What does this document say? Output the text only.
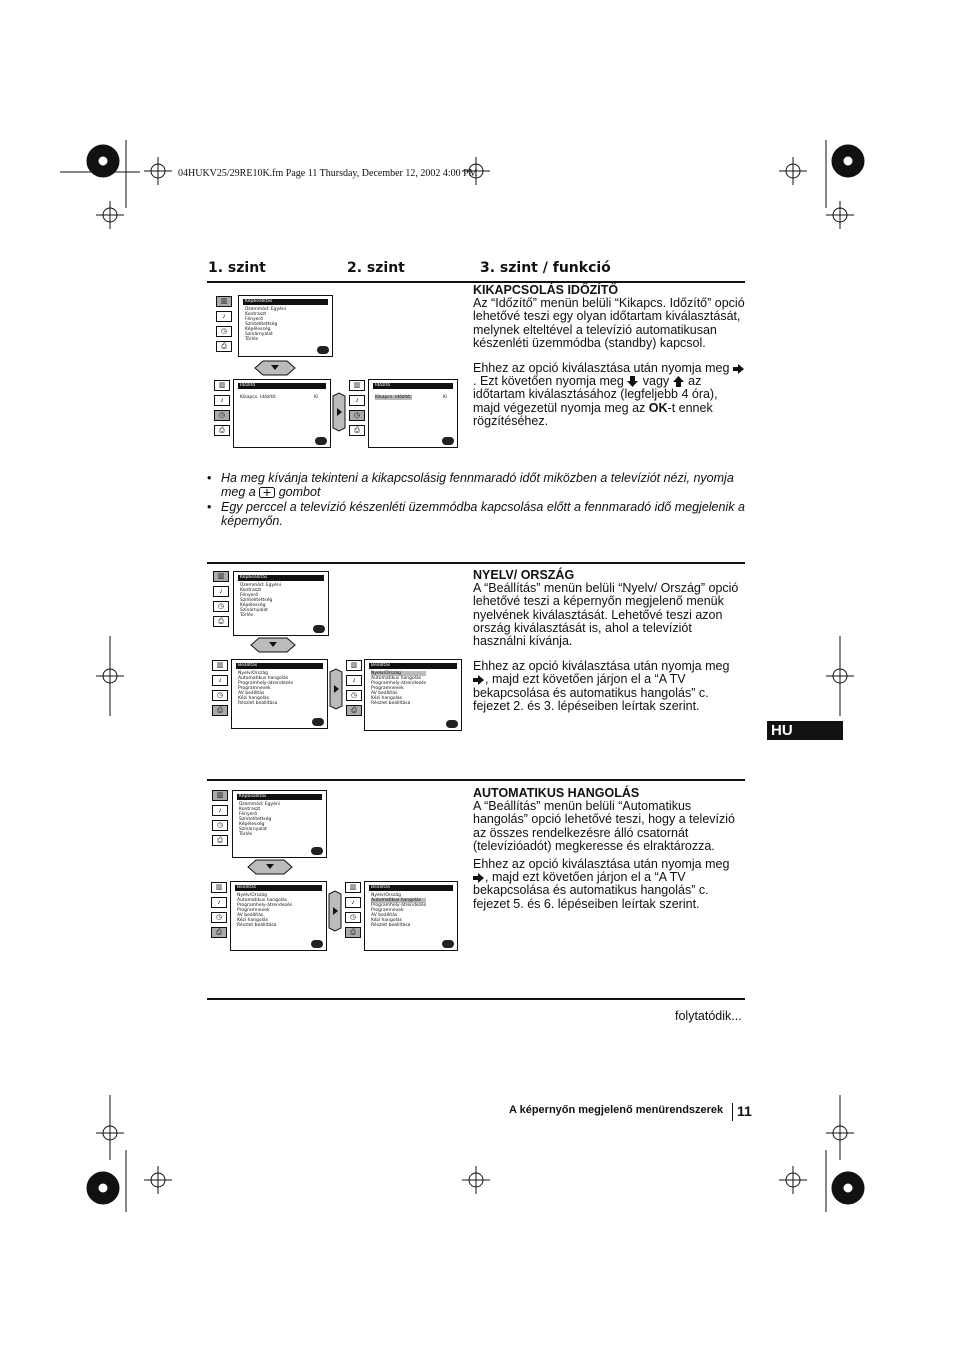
04HUKV25/29RE10K.fm Page 11 Thursday, December 12, 2002 4:00 PM
1. szint	2. szint	3. szint / funkció
▥
♪
◷
⎙
Képbeállítás
Üzemmód: Egyéni
Kontraszt
Fényerő
Színtelítettség
Képélesség
Színárnyalat
Törlés
▥
♪
◷
⎙
Időzítő
Kikapcs. időzítő:	Ki
▥
♪
◷
⎙
Időzítő
Kikapcs. időzítő:	Ki
KIKAPCSOLÁS IDŐZÍTŐ

Az “Időzítő” menün belüli “Kikapcs. Időzítő” opció lehetővé teszi egy olyan időtartam kiválasztását, melynek elteltével a televízió automatikusan készenléti üzemmódba (standby) kapcsol.

Ehhez az opció kiválasztása után nyomja meg . Ezt követően nyomja meg vagy az időtartam kiválasztásához (legfeljebb 4 óra), majd végezetül nyomja meg az OK-t ennek rögzítéséhez.

• Ha meg kívánja tekinteni a kikapcsolásig fennmaradó időt miközben a televíziót nézi, nyomja meg a gombot
• Egy perccel a televízió készenléti üzemmódba kapcsolása előtt a fennmaradó idő megjelenik a képernyőn.
▥
♪
◷
⎙
Képbeállítás
Üzemmód: Egyéni
Kontraszt
Fényerő
Színtelítettség
Képélesség
Színárnyalat
Törlés
▥
♪
◷
⎙
Beállítás
Nyelv/Ország
Automatikus hangolás
Programhely-átrendezés
Programnevek
AV beállítás
Kézi hangolás
Részlet beállítása
▥
♪
◷
⎙
Beállítás
Nyelv/Ország
Automatikus hangolás
Programhely-átrendezés
Programnevek
AV beállítás
Kézi hangolás
Részlet beállítása
NYELV/ ORSZÁG

A “Beállítás” menün belüli “Nyelv/ Ország” opció lehetővé teszi a képernyőn megjelenő menük nyelvének kiválasztását. Lehetővé teszi azon ország kiválasztását is, ahol a televíziót használni kívánja.

Ehhez az opció kiválasztása után nyomja meg
, majd ezt követően járjon el a “A TV bekapcsolása és automatikus hangolás” c. fejezet 2. és 3. lépéseiben leírtak szerint.

HU
▥
♪
◷
⎙
Képbeállítás
Üzemmód: Egyéni
Kontraszt
Fényerő
Színtelítettség
Képélesség
Színárnyalat
Törlés
▥
♪
◷
⎙
Beállítás
Nyelv/Ország
Automatikus hangolás
Programhely-átrendezés
Programnevek
AV beállítás
Kézi hangolás
Részlet beállítása
▥
♪
◷
⎙
Beállítás
Nyelv/Ország
Automatikus hangolás
Programhely-átrendezés
Programnevek
AV beállítás
Kézi hangolás
Részlet beállítása
AUTOMATIKUS HANGOLÁS

A “Beállítás” menün belüli “Automatikus hangolás” opció lehetővé teszi, hogy a televízió az összes rendelkezésre álló csatornát (televízióadót) megkeresse és elraktározza.

Ehhez az opció kiválasztása után nyomja meg
, majd ezt követően járjon el a “A TV bekapcsolása és automatikus hangolás” c. fejezet 5. és 6. lépéseiben leírtak szerint.

folytatódik...
A képernyőn megjelenő menürendszerek 11
